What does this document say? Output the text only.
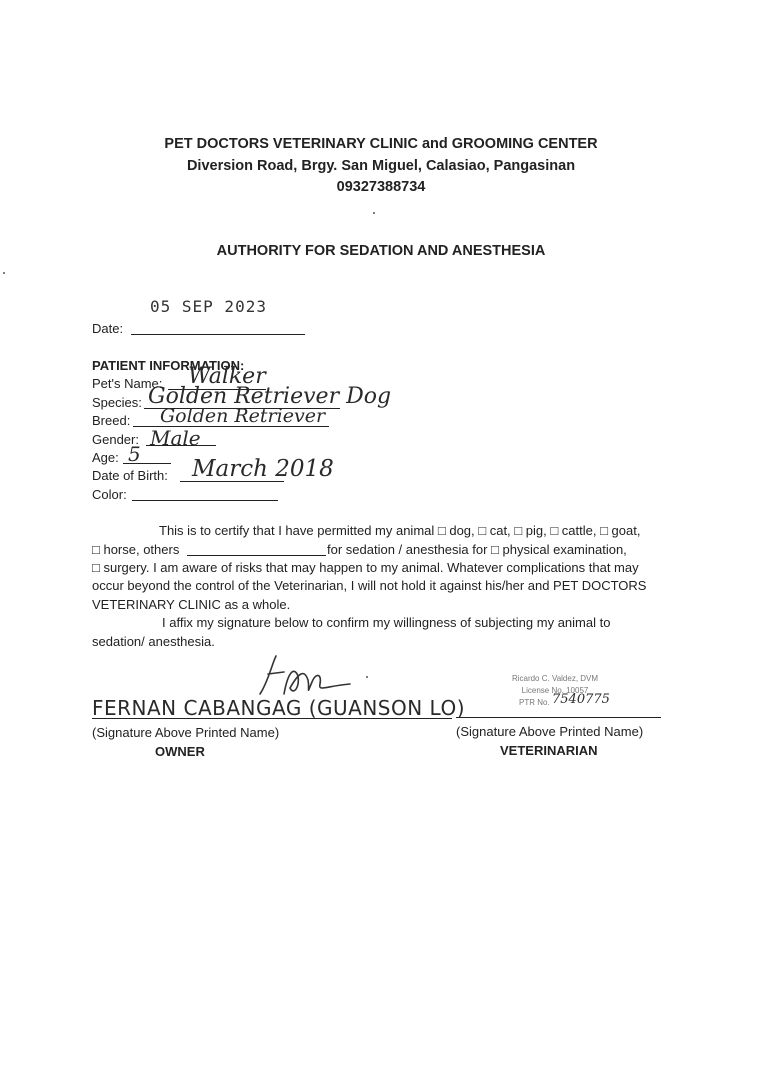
PET DOCTORS VETERINARY CLINIC and GROOMING CENTER
Diversion Road, Brgy. San Miguel, Calasiao, Pangasinan
09327388734
AUTHORITY FOR SEDATION AND ANESTHESIA
05 SEP 2023
Date:
PATIENT INFORMATION:
Pet's Name: Walker
Species: Golden Retriever Dog
Breed: Golden Retriever
Gender: Male
Age: 5
Date of Birth: March 2018
Color:
This is to certify that I have permitted my animal □ dog, □ cat, □ pig, □ cattle, □ goat,
□ horse, others	for sedation / anesthesia for □ physical examination,
□ surgery. I am aware of risks that may happen to my animal. Whatever complications that may
occur beyond the control of the Veterinarian, I will not hold it against his/her and PET DOCTORS
VETERINARY CLINIC as a whole.
I affix my signature below to confirm my willingness of subjecting my animal to
sedation/ anesthesia.
FERNAN CABANGAG (GUANSON LO)
(Signature Above Printed Name)
OWNER
Ricardo C. Valdez, DVM
License No. 10057
PTR No. 7540775
(Signature Above Printed Name)
VETERINARIAN
